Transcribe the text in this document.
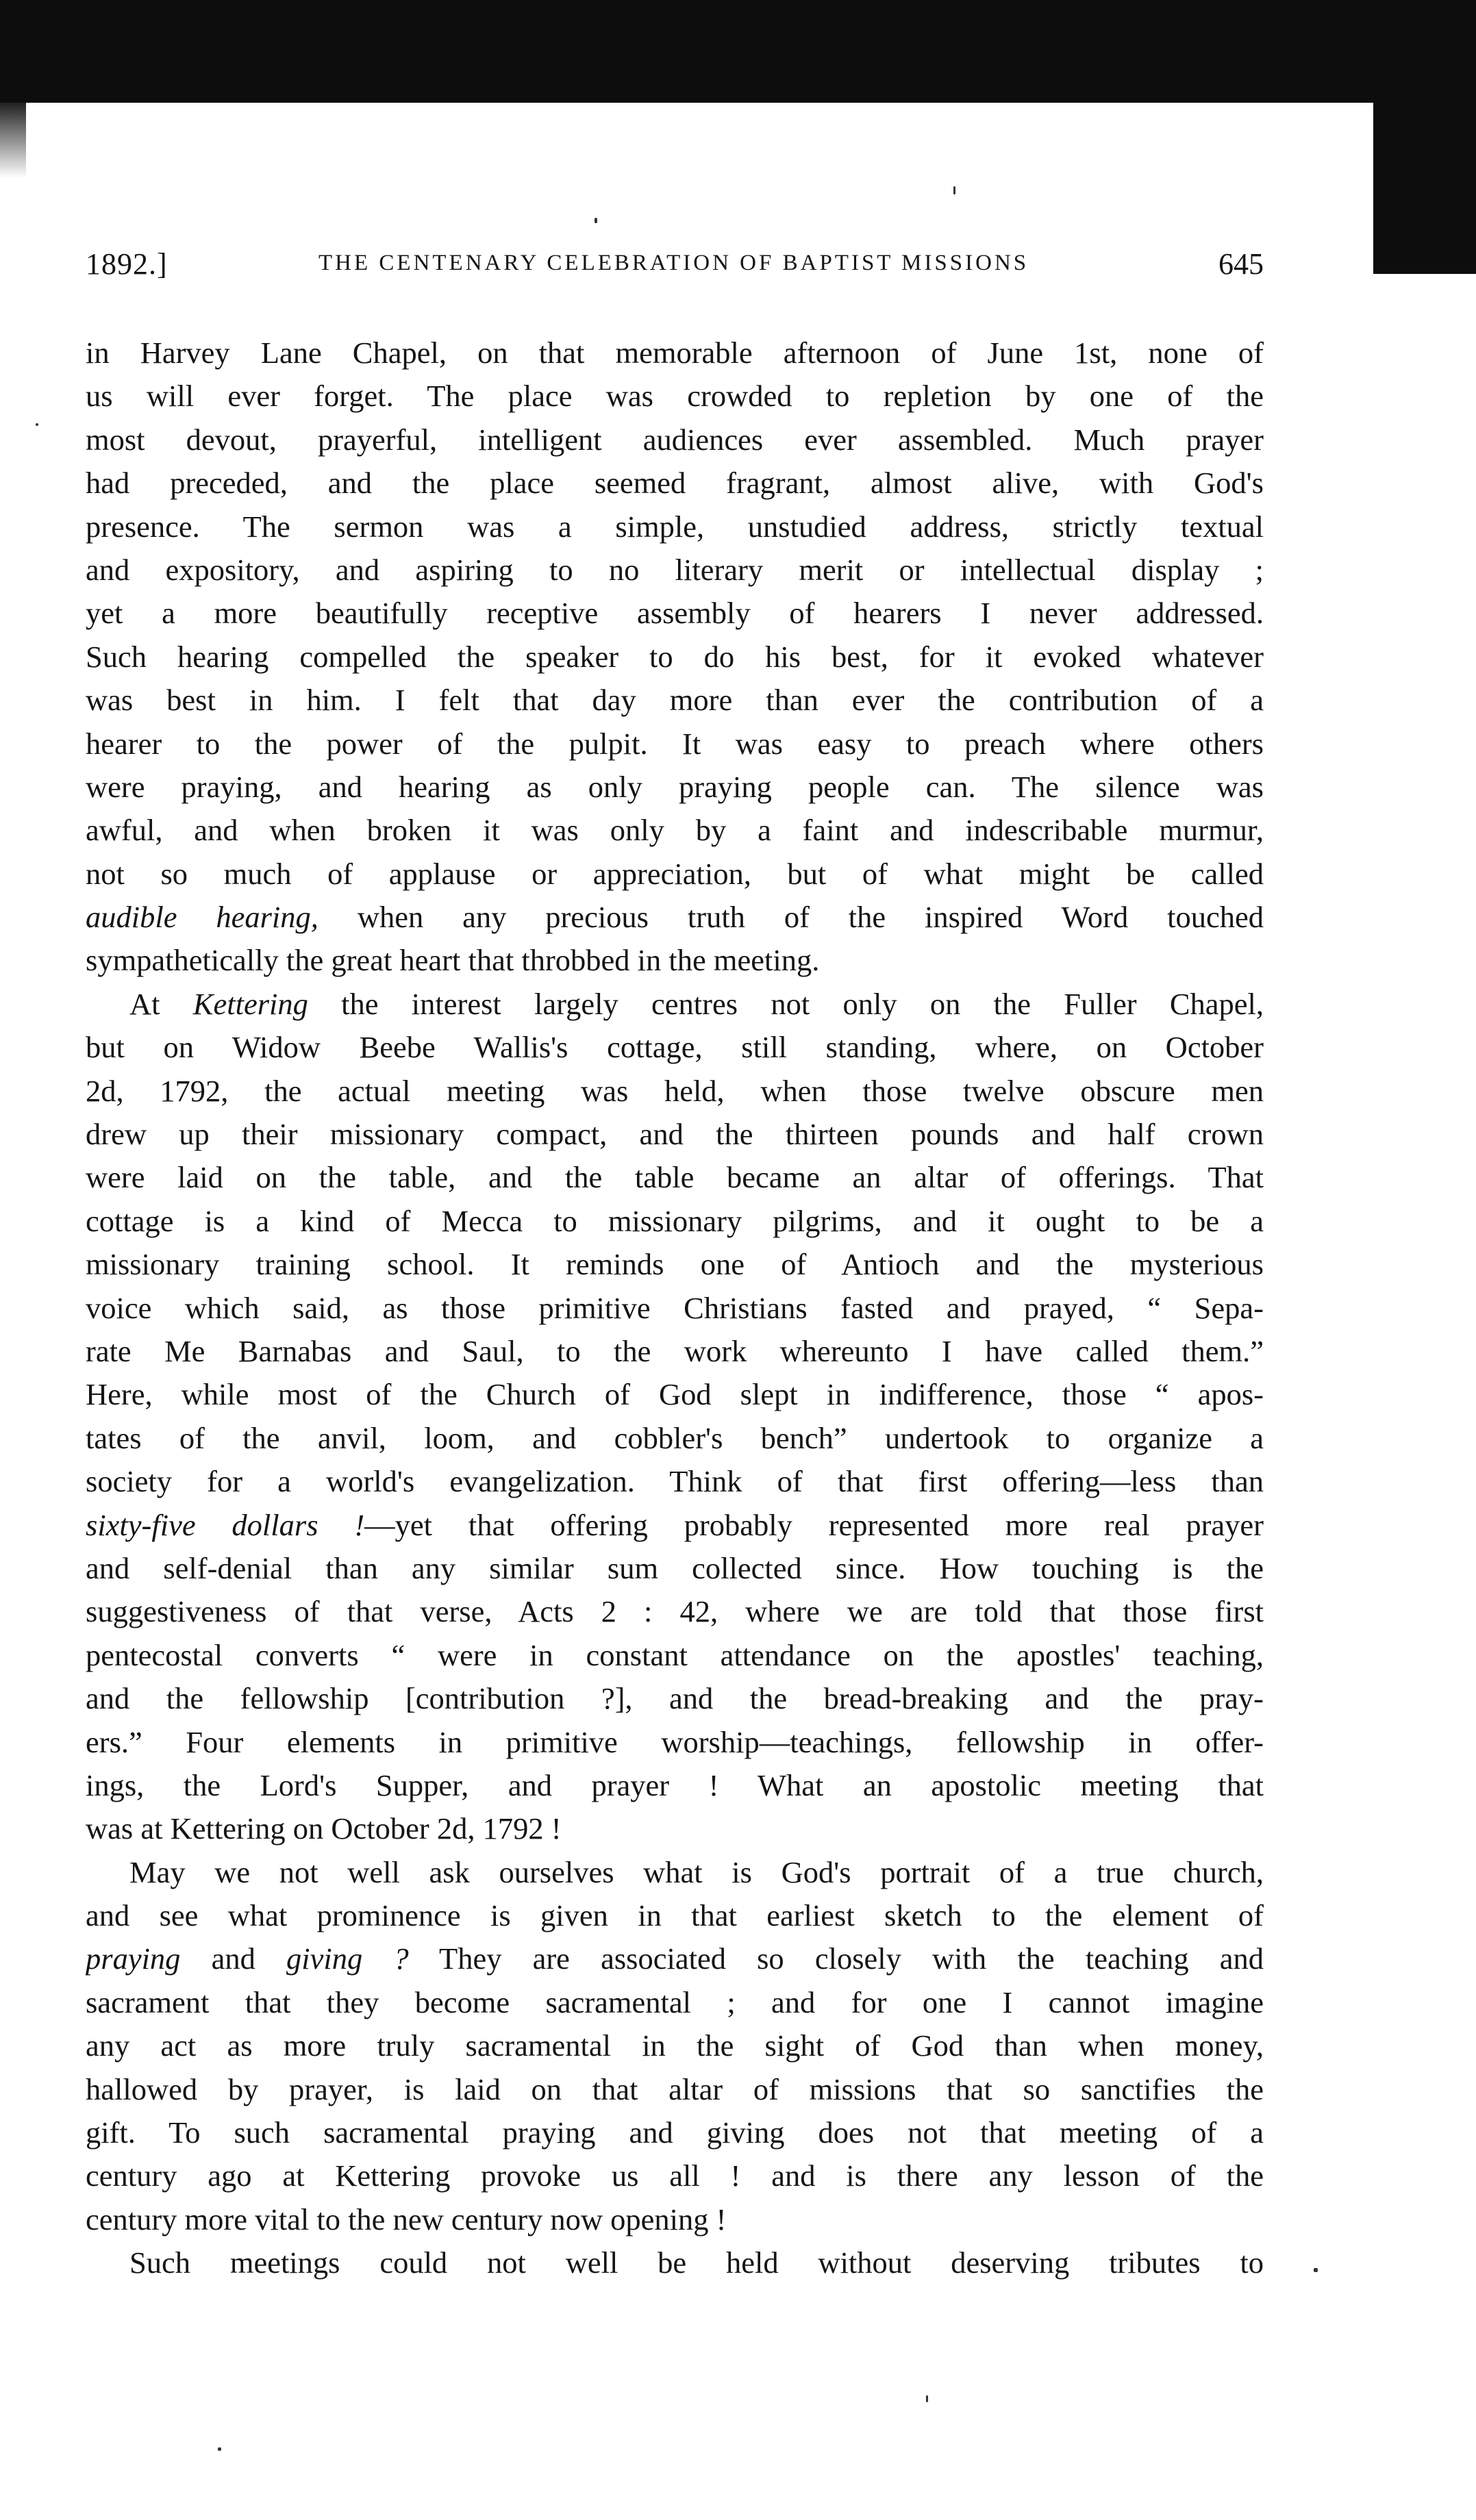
1892.]	THE CENTENARY CELEBRATION OF BAPTIST MISSIONS	645
in Harvey Lane Chapel, on that memorable afternoon of June 1st, none of
us will ever forget. The place was crowded to repletion by one of the
most devout, prayerful, intelligent audiences ever assembled. Much prayer
had preceded, and the place seemed fragrant, almost alive, with God's
presence. The sermon was a simple, unstudied address, strictly textual
and expository, and aspiring to no literary merit or intellectual display ;
yet a more beautifully receptive assembly of hearers I never addressed.
Such hearing compelled the speaker to do his best, for it evoked whatever
was best in him. I felt that day more than ever the contribution of a
hearer to the power of the pulpit. It was easy to preach where others
were praying, and hearing as only praying people can. The silence was
awful, and when broken it was only by a faint and indescribable murmur,
not so much of applause or appreciation, but of what might be called
audible hearing, when any precious truth of the inspired Word touched
sympathetically the great heart that throbbed in the meeting.
At Kettering the interest largely centres not only on the Fuller Chapel,
but on Widow Beebe Wallis's cottage, still standing, where, on October
2d, 1792, the actual meeting was held, when those twelve obscure men
drew up their missionary compact, and the thirteen pounds and half crown
were laid on the table, and the table became an altar of offerings. That
cottage is a kind of Mecca to missionary pilgrims, and it ought to be a
missionary training school. It reminds one of Antioch and the mysterious
voice which said, as those primitive Christians fasted and prayed, “ Sepa-
rate Me Barnabas and Saul, to the work whereunto I have called them.”
Here, while most of the Church of God slept in indifference, those “ apos-
tates of the anvil, loom, and cobbler's bench” undertook to organize a
society for a world's evangelization. Think of that first offering—less than
sixty-five dollars !—yet that offering probably represented more real prayer
and self-denial than any similar sum collected since. How touching is the
suggestiveness of that verse, Acts 2 : 42, where we are told that those first
pentecostal converts “ were in constant attendance on the apostles' teaching,
and the fellowship [contribution ?], and the bread-breaking and the pray-
ers.” Four elements in primitive worship—teachings, fellowship in offer-
ings, the Lord's Supper, and prayer ! What an apostolic meeting that
was at Kettering on October 2d, 1792 !
May we not well ask ourselves what is God's portrait of a true church,
and see what prominence is given in that earliest sketch to the element of
praying and giving ? They are associated so closely with the teaching and
sacrament that they become sacramental ; and for one I cannot imagine
any act as more truly sacramental in the sight of God than when money,
hallowed by prayer, is laid on that altar of missions that so sanctifies the
gift. To such sacramental praying and giving does not that meeting of a
century ago at Kettering provoke us all ! and is there any lesson of the
century more vital to the new century now opening !
Such meetings could not well be held without deserving tributes to
